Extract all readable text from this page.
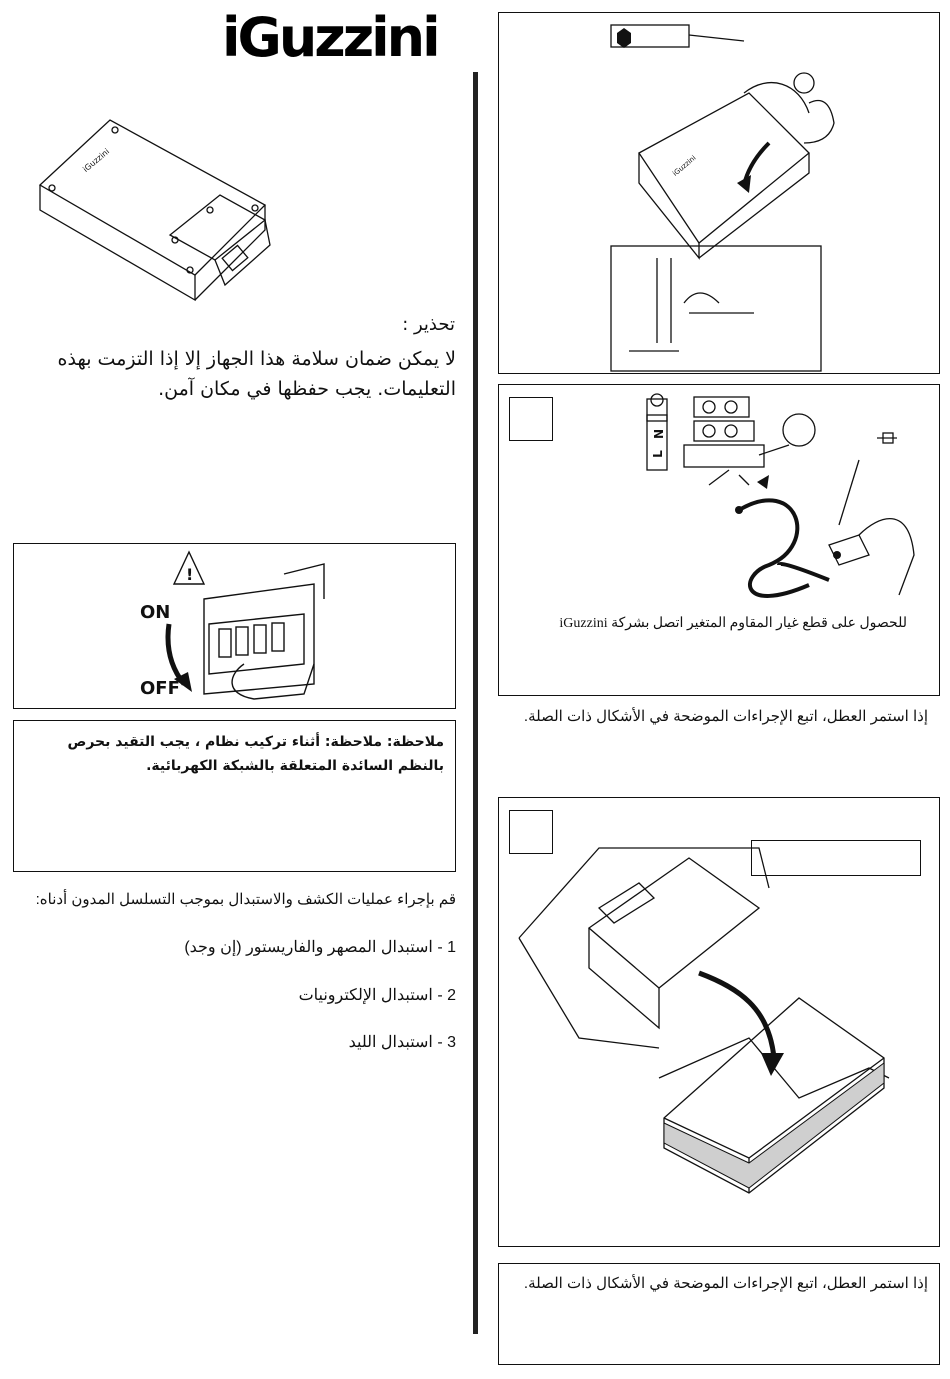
iGuzzini
iGuzzini
تحذير :
لا يمكن ضمان سلامة هذا الجهاز إلا إذا التزمت بهذه التعليمات. يجب حفظها في مكان آمن.
!
ON
OFF
ملاحظة: ملاحظة: أثناء تركيب نظام ، يجب التقيد بحرص بالنظم السائدة المتعلقة بالشبكة الكهربائية.
قم بإجراء عمليات الكشف والاستبدال بموجب التسلسل المدون أدناه:
1 - استبدال المصهر والفاريستور (إن وجد)
2 - استبدال الإلكترونيات
3 - استبدال الليد
iGuzzini
N
L
للحصول على قطع غيار المقاوم المتغير اتصل بشركة iGuzzini
إذا استمر العطل، اتبع الإجراءات الموضحة في الأشكال ذات الصلة.
إذا استمر العطل، اتبع الإجراءات الموضحة في الأشكال ذات الصلة.
